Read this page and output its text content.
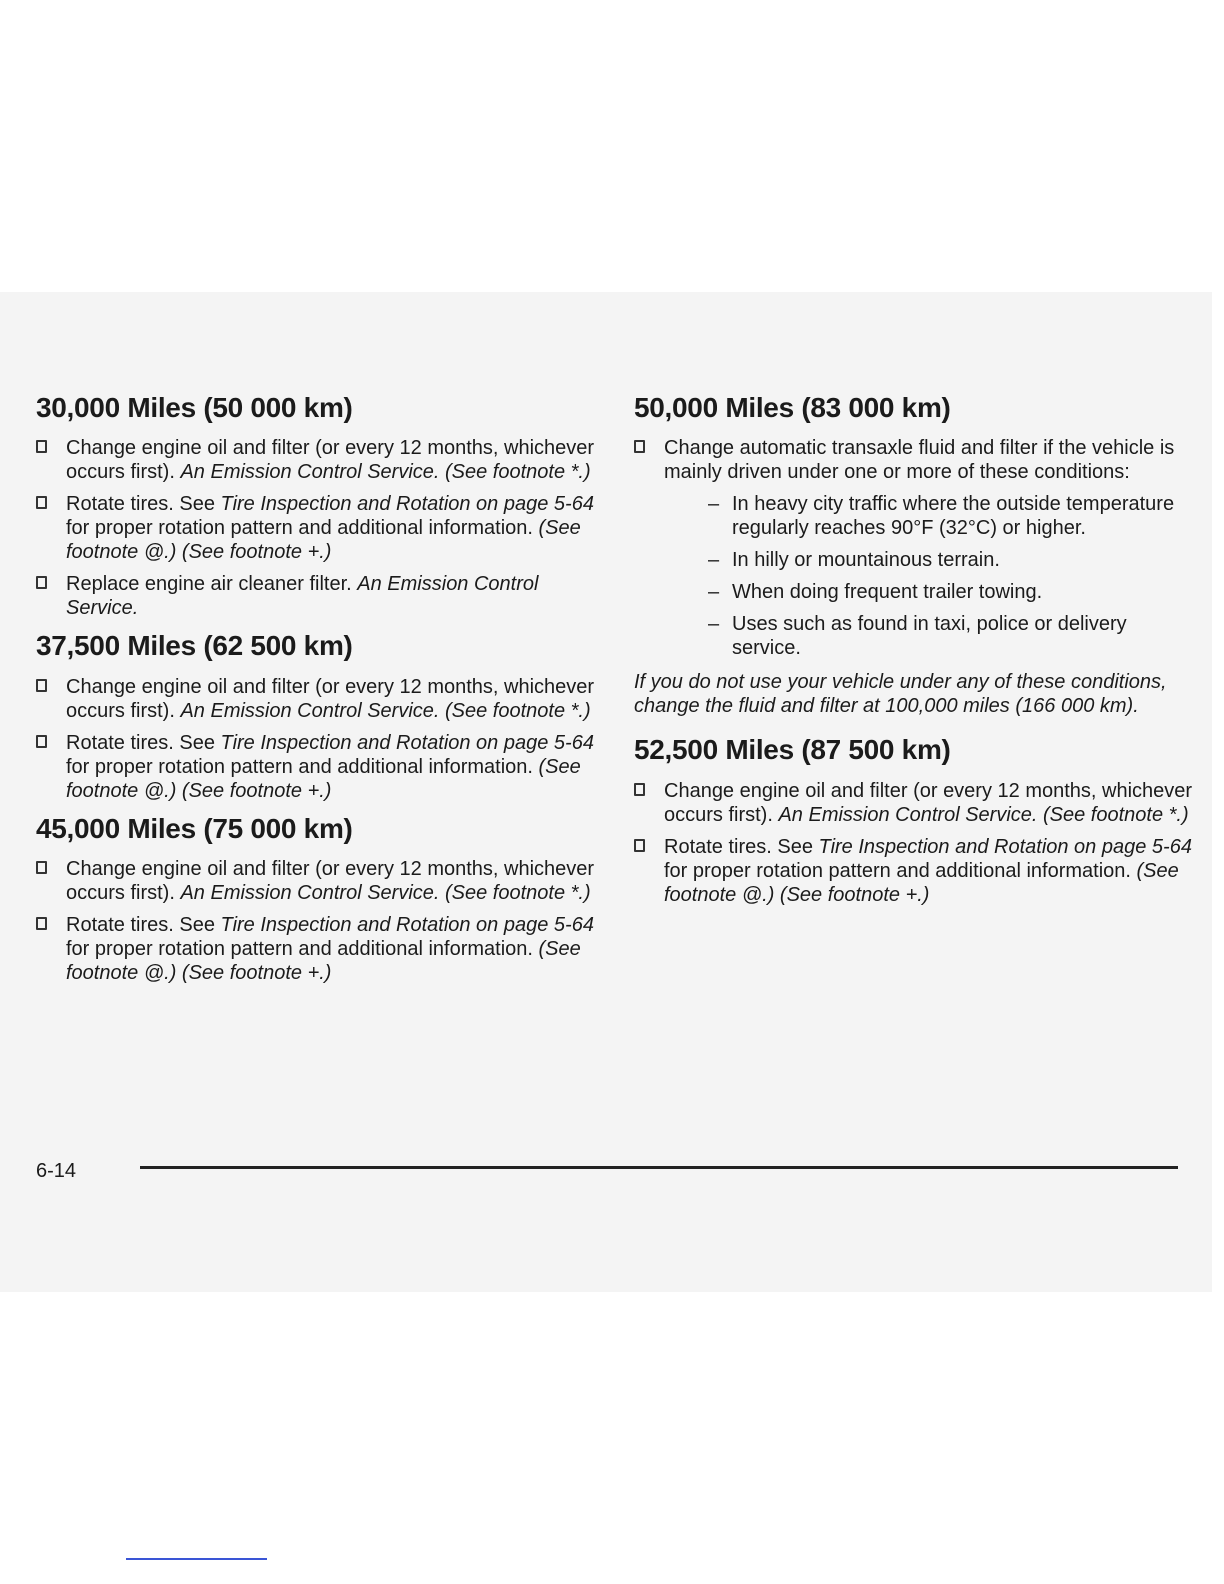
30,000 Miles (50 000 km)
Change engine oil and filter (or every 12 months, whichever occurs first). An Emission Control Service. (See footnote *.)
Rotate tires. See Tire Inspection and Rotation on page 5-64 for proper rotation pattern and additional information. (See footnote @.) (See footnote +.)
Replace engine air cleaner filter. An Emission Control Service.
37,500 Miles (62 500 km)
Change engine oil and filter (or every 12 months, whichever occurs first). An Emission Control Service. (See footnote *.)
Rotate tires. See Tire Inspection and Rotation on page 5-64 for proper rotation pattern and additional information. (See footnote @.) (See footnote +.)
45,000 Miles (75 000 km)
Change engine oil and filter (or every 12 months, whichever occurs first). An Emission Control Service. (See footnote *.)
Rotate tires. See Tire Inspection and Rotation on page 5-64 for proper rotation pattern and additional information. (See footnote @.) (See footnote +.)
50,000 Miles (83 000 km)
Change automatic transaxle fluid and filter if the vehicle is mainly driven under one or more of these conditions:
– In heavy city traffic where the outside temperature regularly reaches 90°F (32°C) or higher.
– In hilly or mountainous terrain.
– When doing frequent trailer towing.
– Uses such as found in taxi, police or delivery service.

If you do not use your vehicle under any of these conditions, change the fluid and filter at 100,000 miles (166 000 km).

52,500 Miles (87 500 km)
Change engine oil and filter (or every 12 months, whichever occurs first). An Emission Control Service. (See footnote *.)
Rotate tires. See Tire Inspection and Rotation on page 5-64 for proper rotation pattern and additional information. (See footnote @.) (See footnote +.)
6-14
